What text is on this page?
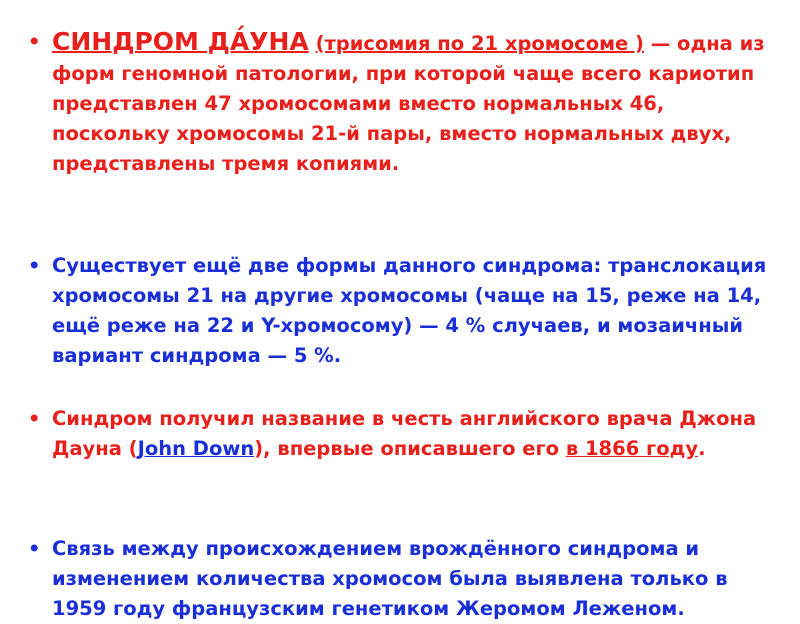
• СИНДРОМ ДА́УНА (трисомия по 21 хромосоме ) — одна из форм геномной патологии, при которой чаще всего кариотип представлен 47 хромосомами вместо нормальных 46, поскольку хромосомы 21-й пары, вместо нормальных двух, представлены тремя копиями.
• Существует ещё две формы данного синдрома: транслокация хромосомы 21 на другие хромосомы (чаще на 15, реже на 14, ещё реже на 22 и Y-хромосому) — 4 % случаев, и мозаичный вариант синдрома — 5 %.
• Синдром получил название в честь английского врача Джона Дауна (John Down), впервые описавшего его в 1866 году.
• Связь между происхождением врождённого синдрома и изменением количества хромосом была выявлена только в 1959 году французским генетиком Жеромом Леженом.
